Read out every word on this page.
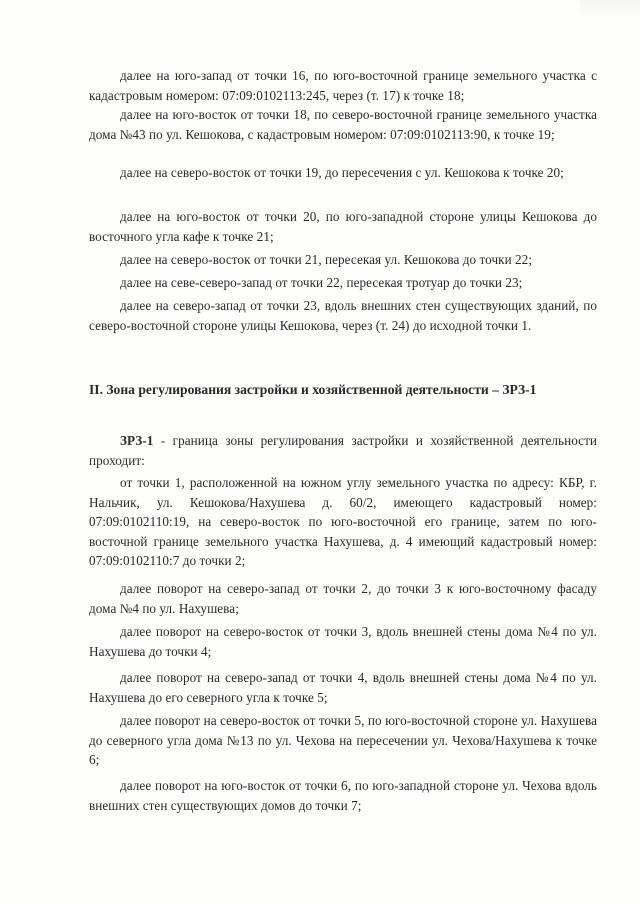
далее на юго-запад от точки 16, по юго-восточной границе земельного участка с кадастровым номером: 07:09:0102113:245, через (т. 17) к точке 18;

далее на юго-восток от точки 18, по северо-восточной границе земельного участка дома №43 по ул. Кешокова, с кадастровым номером: 07:09:0102113:90, к точке 19;

далее на северо-восток от точки 19, до пересечения с ул. Кешокова к точке 20;

далее на юго-восток от точки 20, по юго-западной стороне улицы Кешокова до восточного угла кафе к точке 21;

далее на северо-восток от точки 21, пересекая ул. Кешокова до точки 22;

далее на севе-северо-запад от точки 22, пересекая тротуар до точки 23;

далее на северо-запад от точки 23, вдоль внешних стен существующих зданий, по северо-восточной стороне улицы Кешокова, через (т. 24) до исходной точки 1.

II. Зона регулирования застройки и хозяйственной деятельности – ЗРЗ-1

ЗРЗ-1 - граница зоны регулирования застройки и хозяйственной деятельности проходит:

от точки 1, расположенной на южном углу земельного участка по адресу: КБР, г. Нальчик, ул. Кешокова/Нахушева д. 60/2, имеющего кадастровый номер: 07:09:0102110:19, на северо-восток по юго-восточной его границе, затем по юго-восточной границе земельного участка Нахушева, д. 4 имеющий кадастровый номер: 07:09:0102110:7 до точки 2;

далее поворот на северо-запад от точки 2, до точки 3 к юго-восточному фасаду дома №4 по ул. Нахушева;

далее поворот на северо-восток от точки 3, вдоль внешней стены дома №4 по ул. Нахушева до точки 4;

далее поворот на северо-запад от точки 4, вдоль внешней стены дома №4 по ул. Нахушева до его северного угла к точке 5;

далее поворот на северо-восток от точки 5, по юго-восточной стороне ул. Нахушева до северного угла дома №13 по ул. Чехова на пересечении ул. Чехова/Нахушева к точке 6;

далее поворот на юго-восток от точки 6, по юго-западной стороне ул. Чехова вдоль внешних стен существующих домов до точки 7;
